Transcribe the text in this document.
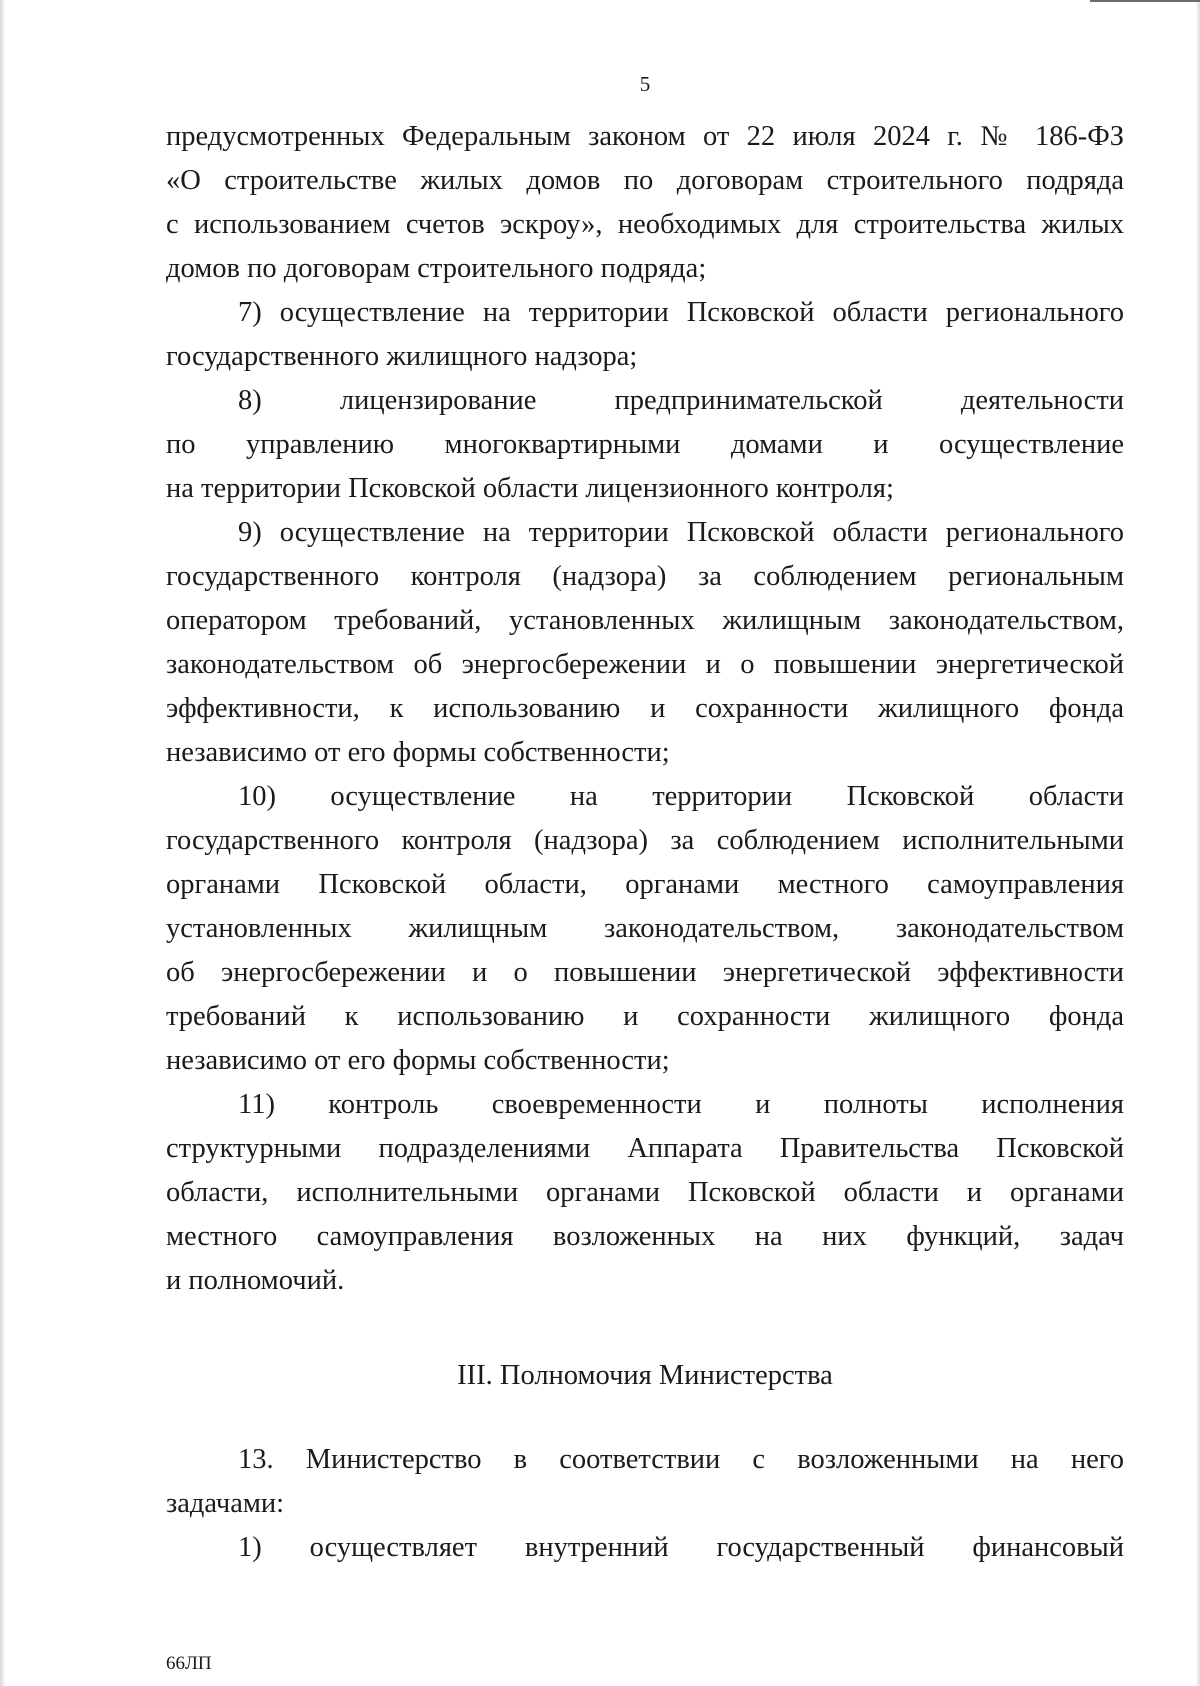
5
предусмотренных Федеральным законом от 22 июля 2024 г. № 186-ФЗ
«О строительстве жилых домов по договорам строительного подряда
с использованием счетов эскроу», необходимых для строительства жилых
домов по договорам строительного подряда;
7) осуществление на территории Псковской области регионального
государственного жилищного надзора;
8) лицензирование предпринимательской деятельности
по управлению многоквартирными домами и осуществление
на территории Псковской области лицензионного контроля;
9) осуществление на территории Псковской области регионального
государственного контроля (надзора) за соблюдением региональным
оператором требований, установленных жилищным законодательством,
законодательством об энергосбережении и о повышении энергетической
эффективности, к использованию и сохранности жилищного фонда
независимо от его формы собственности;
10) осуществление на территории Псковской области
государственного контроля (надзора) за соблюдением исполнительными
органами Псковской области, органами местного самоуправления
установленных жилищным законодательством, законодательством
об энергосбережении и о повышении энергетической эффективности
требований к использованию и сохранности жилищного фонда
независимо от его формы собственности;
11) контроль своевременности и полноты исполнения
структурными подразделениями Аппарата Правительства Псковской
области, исполнительными органами Псковской области и органами
местного самоуправления возложенных на них функций, задач
и полномочий.
III. Полномочия Министерства
13. Министерство в соответствии с возложенными на него
задачами:
1) осуществляет внутренний государственный финансовый
66ЛП
